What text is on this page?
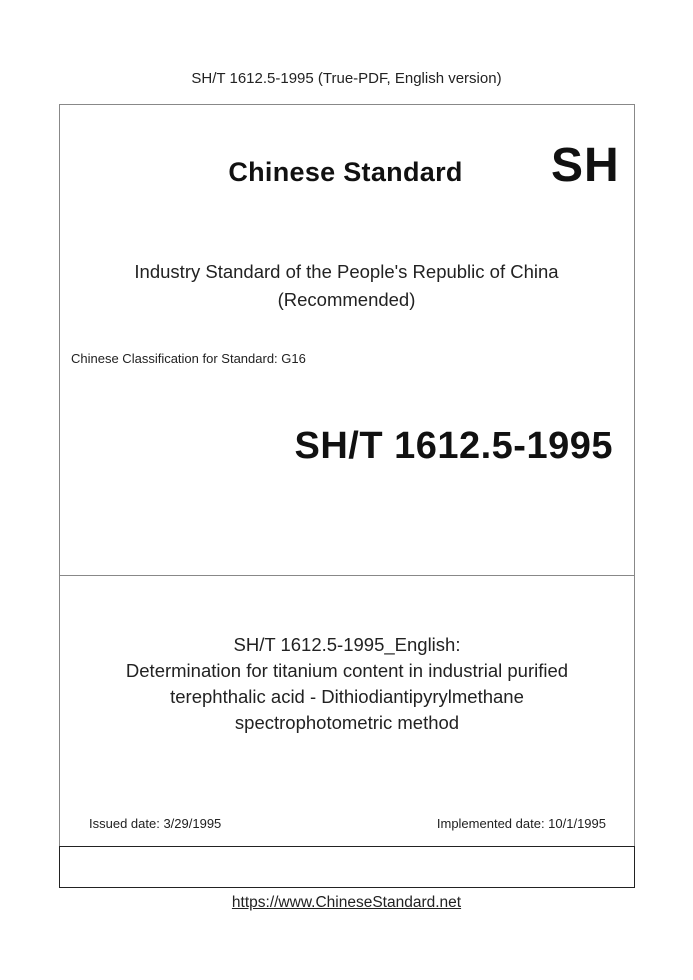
SH/T 1612.5-1995 (True-PDF, English version)
Chinese Standard	SH
Industry Standard of the People's Republic of China
(Recommended)
Chinese Classification for Standard: G16
SH/T 1612.5-1995
SH/T 1612.5-1995_English:
Determination for titanium content in industrial purified
terephthalic acid - Dithiodiantipyrylmethane
spectrophotometric method
Issued date: 3/29/1995	Implemented date: 10/1/1995
https://www.ChineseStandard.net
